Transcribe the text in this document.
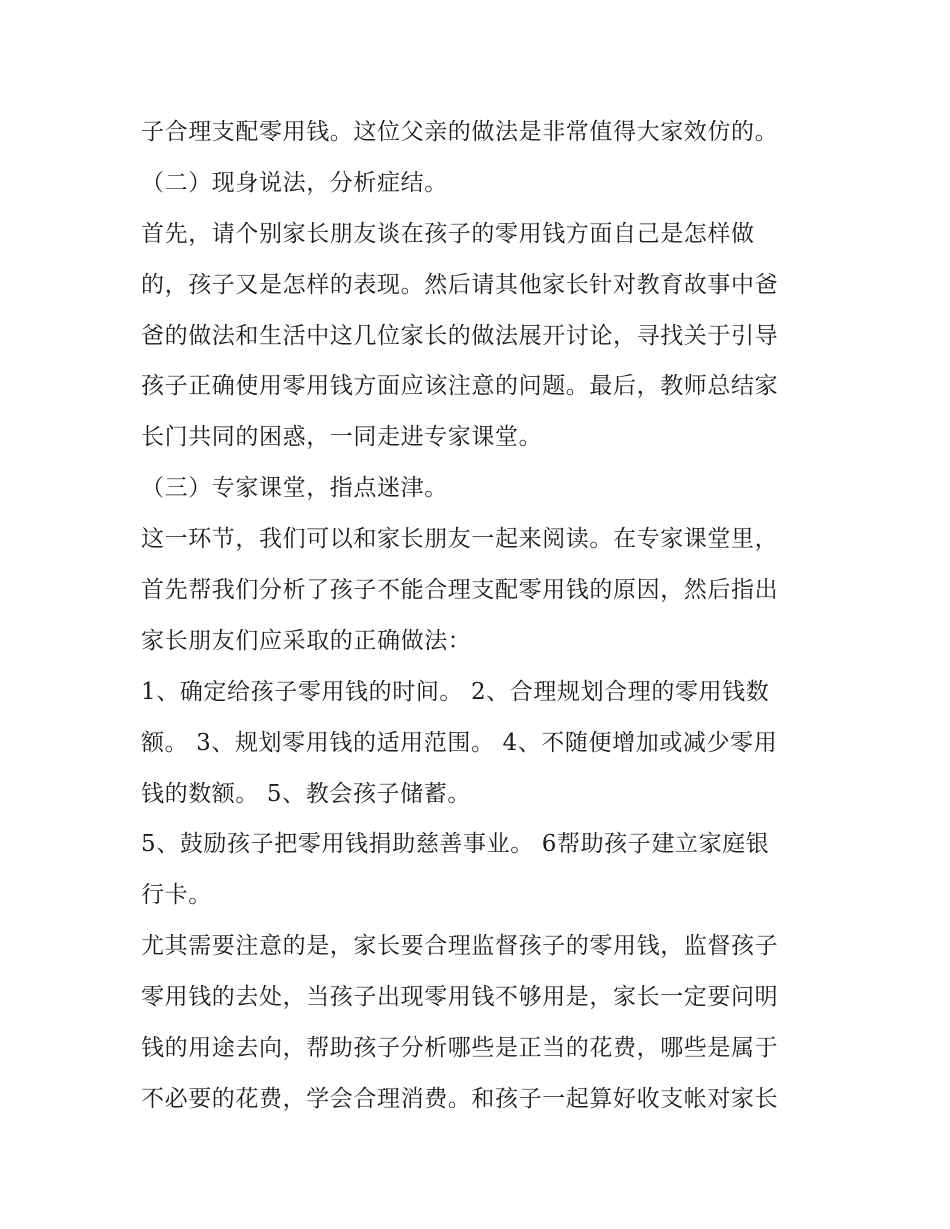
子合理支配零用钱。这位父亲的做法是非常值得大家效仿的。
（二）现身说法，分析症结。
首先，请个别家长朋友谈在孩子的零用钱方面自己是怎样做
的，孩子又是怎样的表现。然后请其他家长针对教育故事中爸
爸的做法和生活中这几位家长的做法展开讨论，寻找关于引导
孩子正确使用零用钱方面应该注意的问题。最后，教师总结家
长门共同的困惑，一同走进专家课堂。
（三）专家课堂，指点迷津。
这一环节，我们可以和家长朋友一起来阅读。在专家课堂里，
首先帮我们分析了孩子不能合理支配零用钱的原因，然后指出
家长朋友们应采取的正确做法：
1、确定给孩子零用钱的时间。 2、合理规划合理的零用钱数
额。 3、规划零用钱的适用范围。 4、不随便增加或减少零用
钱的数额。 5、教会孩子储蓄。
5、鼓励孩子把零用钱捐助慈善事业。 6帮助孩子建立家庭银
行卡。
尤其需要注意的是，家长要合理监督孩子的零用钱，监督孩子
零用钱的去处，当孩子出现零用钱不够用是，家长一定要问明
钱的用途去向，帮助孩子分析哪些是正当的花费，哪些是属于
不必要的花费，学会合理消费。和孩子一起算好收支帐对家长
